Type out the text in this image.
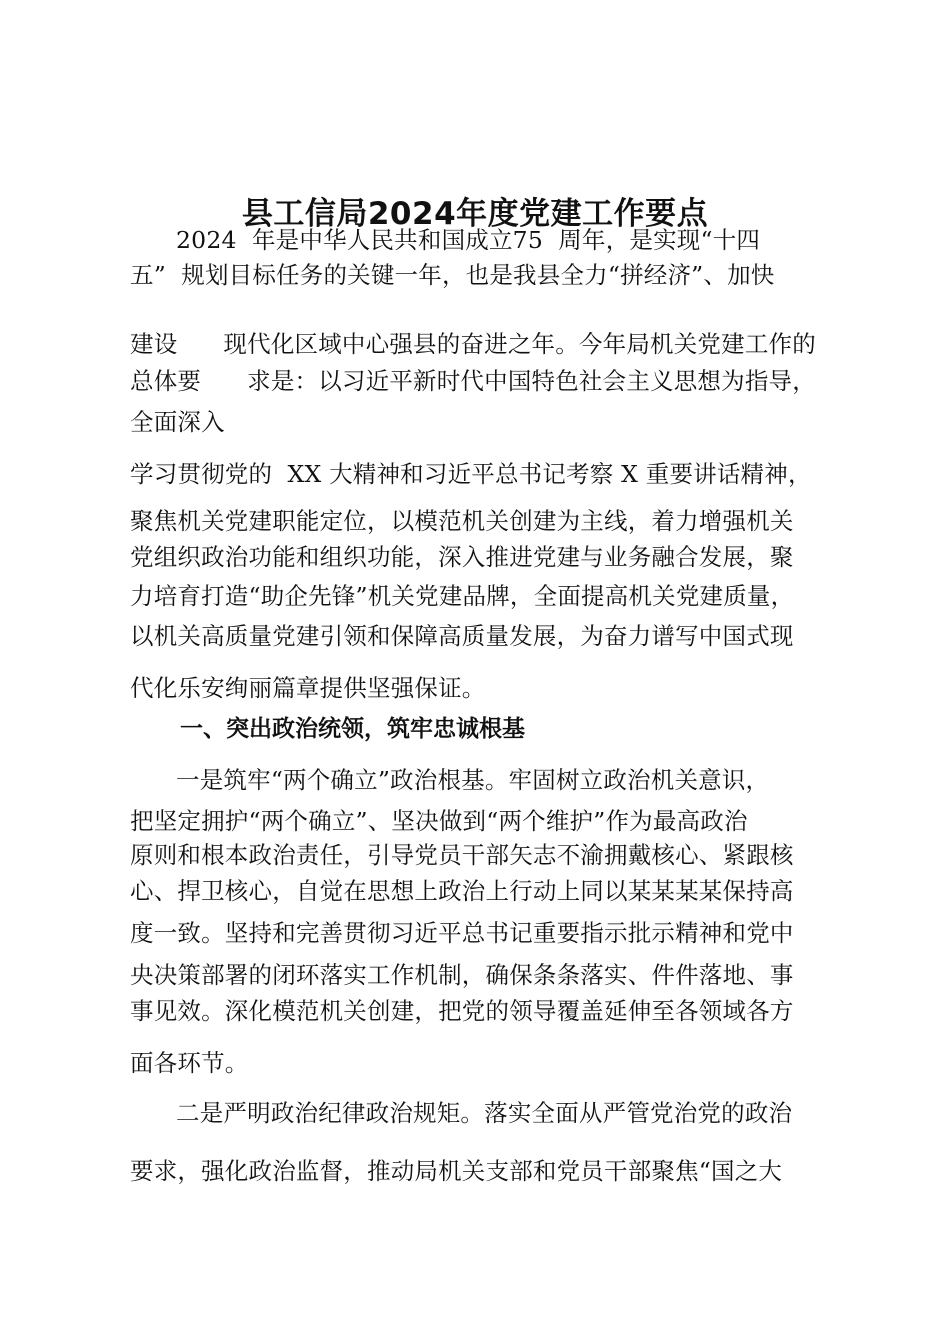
县工信局2024年度党建工作要点
2024  年是中华人民共和国成立75  周年，是实现“十四
五”  规划目标任务的关键一年，也是我县全力“拼经济”、加快
建设      现代化区域中心强县的奋进之年。今年局机关党建工作的
总体要      求是：以习近平新时代中国特色社会主义思想为指导，
全面深入
学习贯彻党的  XX 大精神和习近平总书记考察 X 重要讲话精神，
聚焦机关党建职能定位，以模范机关创建为主线，着力增强机关
党组织政治功能和组织功能，深入推进党建与业务融合发展，聚
力培育打造“助企先锋”机关党建品牌，全面提高机关党建质量，
以机关高质量党建引领和保障高质量发展，为奋力谱写中国式现
代化乐安绚丽篇章提供坚强保证。
一、突出政治统领，筑牢忠诚根基
一是筑牢“两个确立”政治根基。牢固树立政治机关意识，
把坚定拥护“两个确立”、坚决做到“两个维护”作为最高政治
原则和根本政治责任，引导党员干部矢志不渝拥戴核心、紧跟核
心、捍卫核心，自觉在思想上政治上行动上同以某某某某保持高
度一致。坚持和完善贯彻习近平总书记重要指示批示精神和党中
央决策部署的闭环落实工作机制，确保条条落实、件件落地、事
事见效。深化模范机关创建，把党的领导覆盖延伸至各领域各方
面各环节。
二是严明政治纪律政治规矩。落实全面从严管党治党的政治
要求，强化政治监督，推动局机关支部和党员干部聚焦“国之大
